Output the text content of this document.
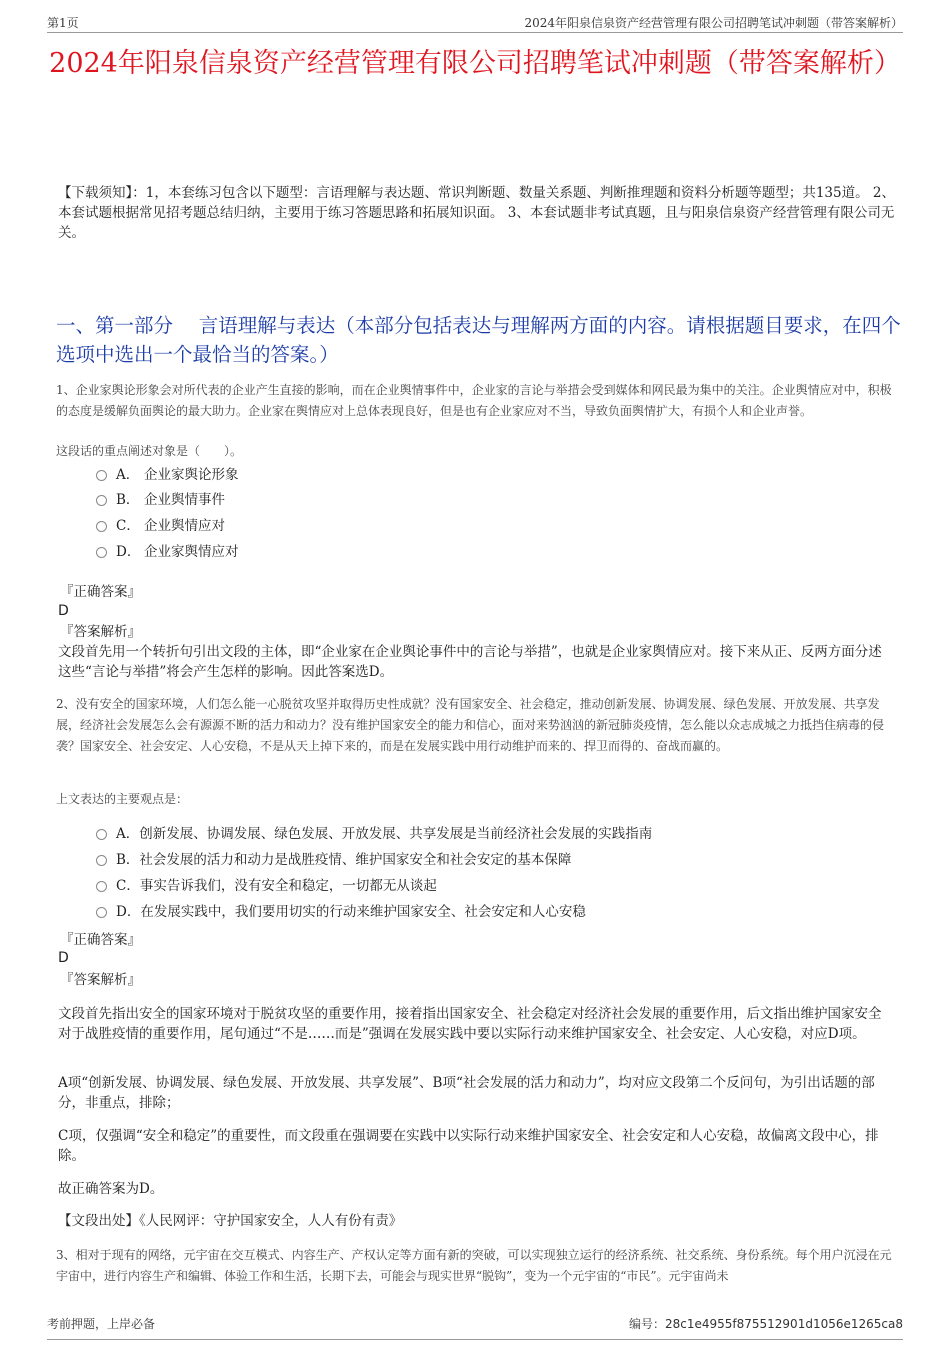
第1页	2024年阳泉信泉资产经营管理有限公司招聘笔试冲刺题（带答案解析）
2024年阳泉信泉资产经营管理有限公司招聘笔试冲刺题（带答案解析）
【下载须知】：1，本套练习包含以下题型：言语理解与表达题、常识判断题、数量关系题、判断推理题和资料分析题等题型；共135道。 2、本套试题根据常见招考题总结归纳，主要用于练习答题思路和拓展知识面。 3、本套试题非考试真题，且与阳泉信泉资产经营管理有限公司无关。
一、第一部分　 言语理解与表达（本部分包括表达与理解两方面的内容。请根据题目要求，在四个选项中选出一个最恰当的答案。）
1、企业家舆论形象会对所代表的企业产生直接的影响，而在企业舆情事件中，企业家的言论与举措会受到媒体和网民最为集中的关注。企业舆情应对中，积极的态度是缓解负面舆论的最大助力。企业家在舆情应对上总体表现良好，但是也有企业家应对不当，导致负面舆情扩大，有损个人和企业声誉。
这段话的重点阐述对象是（　　）。
A． 企业家舆论形象
B． 企业舆情事件
C． 企业舆情应对
D． 企业家舆情应对
『正确答案』
D
『答案解析』
文段首先用一个转折句引出文段的主体，即“企业家在企业舆论事件中的言论与举措”，也就是企业家舆情应对。接下来从正、反两方面分述这些“言论与举措”将会产生怎样的影响。因此答案选D。
2、没有安全的国家环境，人们怎么能一心脱贫攻坚并取得历史性成就？没有国家安全、社会稳定，推动创新发展、协调发展、绿色发展、开放发展、共享发展，经济社会发展怎么会有源源不断的活力和动力？没有维护国家安全的能力和信心，面对来势汹汹的新冠肺炎疫情，怎么能以众志成城之力抵挡住病毒的侵袭？国家安全、社会安定、人心安稳，不是从天上掉下来的，而是在发展实践中用行动维护而来的、捍卫而得的、奋战而赢的。
上文表达的主要观点是：
A．创新发展、协调发展、绿色发展、开放发展、共享发展是当前经济社会发展的实践指南
B．社会发展的活力和动力是战胜疫情、维护国家安全和社会安定的基本保障
C．事实告诉我们，没有安全和稳定，一切都无从谈起
D．在发展实践中，我们要用切实的行动来维护国家安全、社会安定和人心安稳
『正确答案』
D
『答案解析』
文段首先指出安全的国家环境对于脱贫攻坚的重要作用，接着指出国家安全、社会稳定对经济社会发展的重要作用，后文指出维护国家安全对于战胜疫情的重要作用，尾句通过“不是……而是”强调在发展实践中要以实际行动来维护国家安全、社会安定、人心安稳，对应D项。
A项“创新发展、协调发展、绿色发展、开放发展、共享发展”、B项“社会发展的活力和动力”，均对应文段第二个反问句，为引出话题的部分，非重点，排除；
C项，仅强调“安全和稳定”的重要性，而文段重在强调要在实践中以实际行动来维护国家安全、社会安定和人心安稳，故偏离文段中心，排除。
故正确答案为D。
【文段出处】《人民网评：守护国家安全，人人有份有责》
3、相对于现有的网络，元宇宙在交互模式、内容生产、产权认定等方面有新的突破，可以实现独立运行的经济系统、社交系统、身份系统。每个用户沉浸在元宇宙中，进行内容生产和编辑、体验工作和生活，长期下去，可能会与现实世界“脱钩”，变为一个元宇宙的“市民”。元宇宙尚未
考前押题，上岸必备	编号：28c1e4955f875512901d1056e1265ca8
